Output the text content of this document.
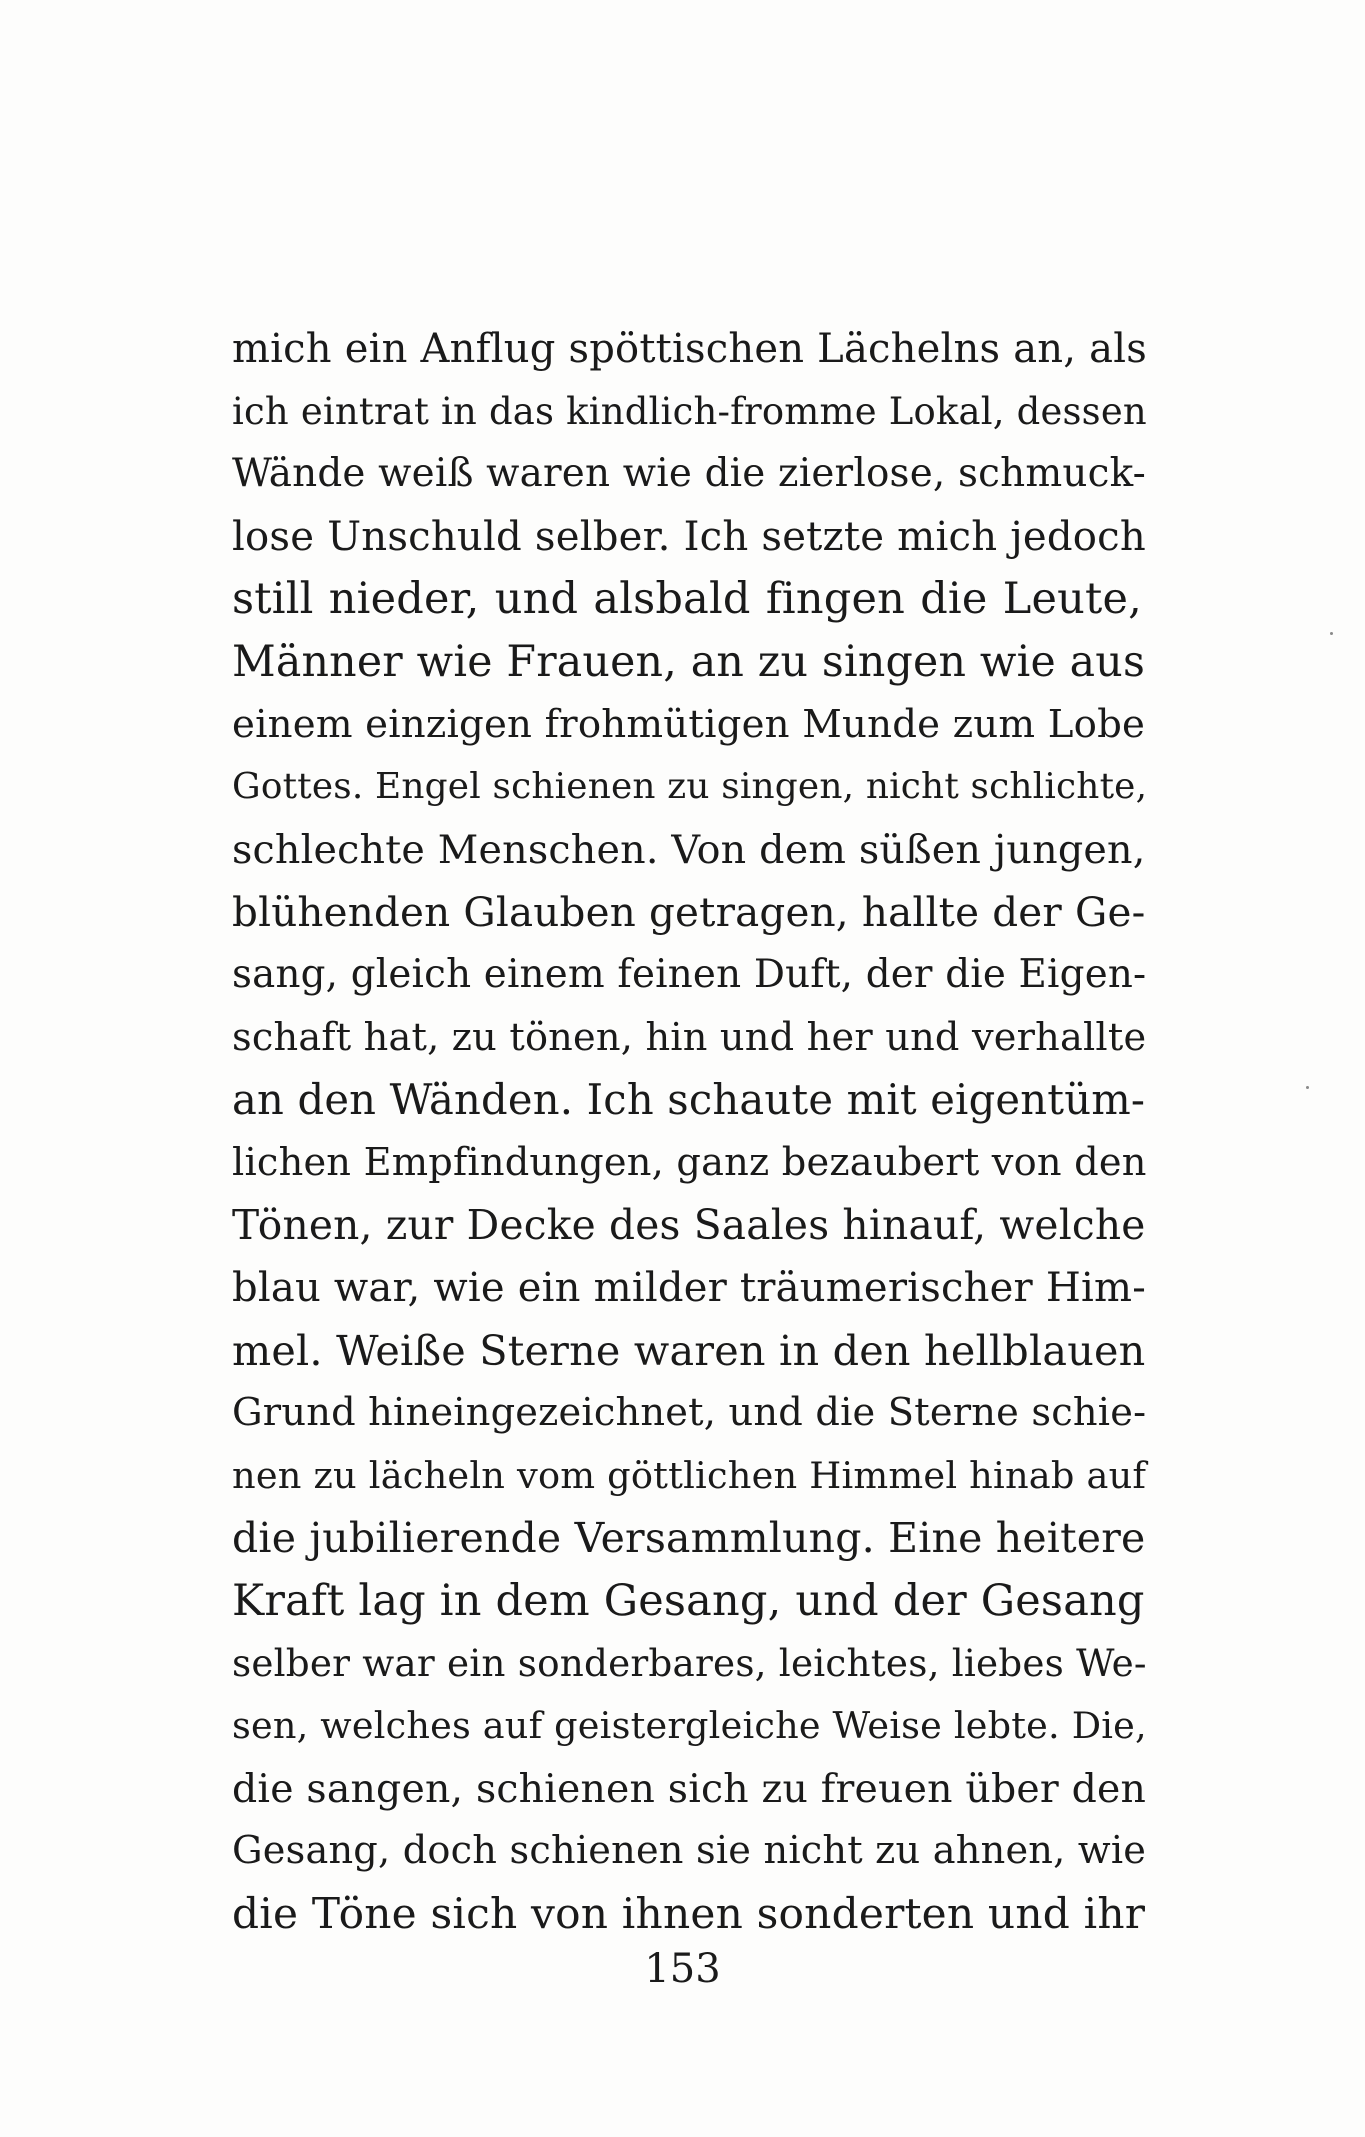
mich ein Anflug spöttischen Lächelns an, als
ich eintrat in das kindlich-fromme Lokal, dessen
Wände weiß waren wie die zierlose, schmuck-
lose Unschuld selber. Ich setzte mich jedoch
still nieder, und alsbald fingen die Leute,
Männer wie Frauen, an zu singen wie aus
einem einzigen frohmütigen Munde zum Lobe
Gottes. Engel schienen zu singen, nicht schlichte,
schlechte Menschen. Von dem süßen jungen,
blühenden Glauben getragen, hallte der Ge-
sang, gleich einem feinen Duft, der die Eigen-
schaft hat, zu tönen, hin und her und verhallte
an den Wänden. Ich schaute mit eigentüm-
lichen Empfindungen, ganz bezaubert von den
Tönen, zur Decke des Saales hinauf, welche
blau war, wie ein milder träumerischer Him-
mel. Weiße Sterne waren in den hellblauen
Grund hineingezeichnet, und die Sterne schie-
nen zu lächeln vom göttlichen Himmel hinab auf
die jubilierende Versammlung. Eine heitere
Kraft lag in dem Gesang, und der Gesang
selber war ein sonderbares, leichtes, liebes We-
sen, welches auf geistergleiche Weise lebte. Die,
die sangen, schienen sich zu freuen über den
Gesang, doch schienen sie nicht zu ahnen, wie
die Töne sich von ihnen sonderten und ihr
153
